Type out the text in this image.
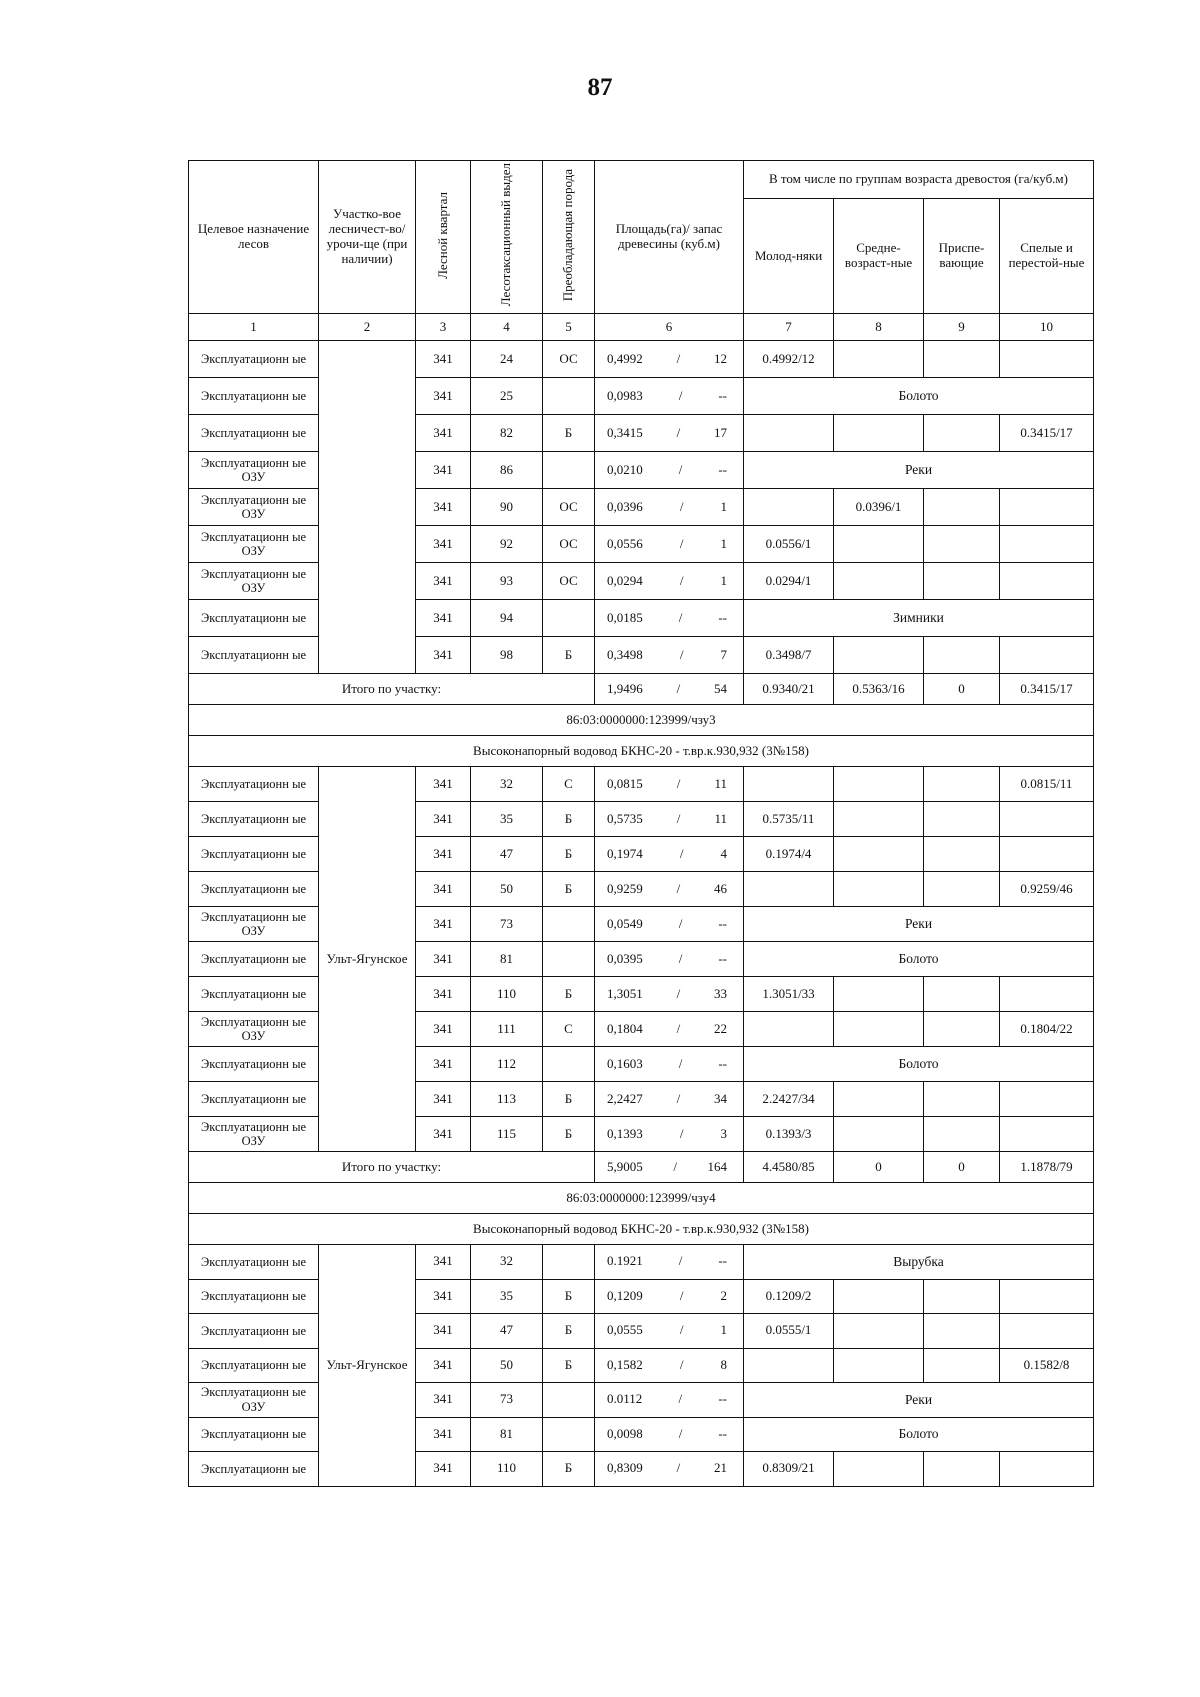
87
Целевое назначение лесов	Участко-вое лесничест-во/урочи-ще (при наличии)	Лесной квартал	Лесотаксационный выдел	Преобладающая порода	Площадь(га)/ запас древесины (куб.м)	В том числе по группам возраста древостоя (га/куб.м)			
						Молод-няки	Средне-возраст-ные	Приспе-вающие	Спелые и перестой-ные
1	2	3	4	5	6	7	8	9	10
Эксплуатационн ые		341	24	ОС	0,4992 / 12	0.4992/12			
Эксплуатационн ые		341	25		0,0983 / --	Болото			
Эксплуатационн ые		341	82	Б	0,3415 / 17				0.3415/17
Эксплуатационн ые ОЗУ		341	86		0,0210 / --	Реки			
Эксплуатационн ые ОЗУ		341	90	ОС	0,0396 / 1		0.0396/1		
Эксплуатационн ые ОЗУ		341	92	ОС	0,0556 / 1	0.0556/1			
Эксплуатационн ые ОЗУ		341	93	ОС	0,0294 / 1	0.0294/1			
Эксплуатационн ые		341	94		0,0185 / --	Зимники			
Эксплуатационн ые		341	98	Б	0,3498 / 7	0.3498/7			
Итого по участку:					1,9496 / 54	0.9340/21	0.5363/16	0	0.3415/17
86:03:0000000:123999/чзу3									
Высоконапорный водовод БКНС-20 - т.вр.к.930,932 (3№158)									
Эксплуатационн ые	Ульт-Ягунское	341	32	С	0,0815 / 11				0.0815/11
Эксплуатационн ые		341	35	Б	0,5735 / 11	0.5735/11			
Эксплуатационн ые		341	47	Б	0,1974 / 4	0.1974/4			
Эксплуатационн ые		341	50	Б	0,9259 / 46				0.9259/46
Эксплуатационн ые ОЗУ		341	73		0,0549 / --	Реки			
Эксплуатационн ые		341	81		0,0395 / --	Болото			
Эксплуатационн ые		341	110	Б	1,3051 / 33	1.3051/33			
Эксплуатационн ые ОЗУ		341	111	С	0,1804 / 22				0.1804/22
Эксплуатационн ые		341	112		0,1603 / --	Болото			
Эксплуатационн ые		341	113	Б	2,2427 / 34	2.2427/34			
Эксплуатационн ые ОЗУ		341	115	Б	0,1393 / 3	0.1393/3			
Итого по участку:					5,9005 / 164	4.4580/85	0	0	1.1878/79
86:03:0000000:123999/чзу4									
Высоконапорный водовод БКНС-20 - т.вр.к.930,932 (3№158)									
Эксплуатационн ые	Ульт-Ягунское	341	32		0.1921 / --	Вырубка			
Эксплуатационн ые		341	35	Б	0,1209 / 2	0.1209/2			
Эксплуатационн ые		341	47	Б	0,0555 / 1	0.0555/1			
Эксплуатационн ые		341	50	Б	0,1582 / 8				0.1582/8
Эксплуатационн ые ОЗУ		341	73		0.0112 / --	Реки			
Эксплуатационн ые		341	81		0,0098 / --	Болото			
Эксплуатационн ые		341	110	Б	0,8309 / 21	0.8309/21			
